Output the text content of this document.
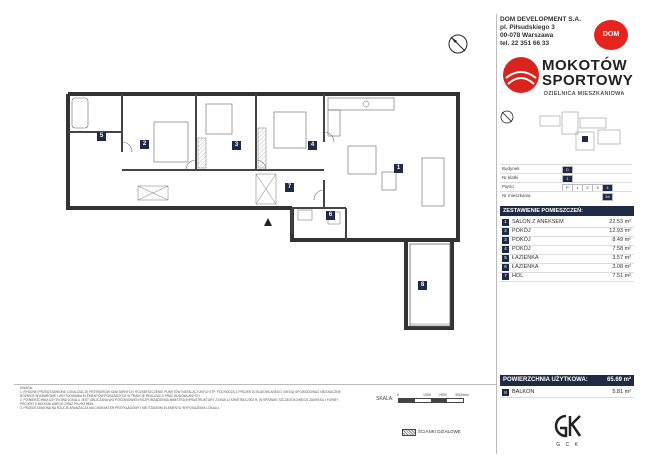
5
2	3	4
1
7
6
8
DOM DEVELOPMENT S.A.
pl. Piłsudskiego 3
00-078 Warszawa
tel. 22 351 66 33
DOM
MOKOTÓW
SPORTOWY
DZIELNICA MIESZKANIOWA
Budynek	D
Nr klatki	1
Piętro	P	1	2	3	4
Nr mieszkania	34
ZESTAWIENIE POMIESZCZEŃ:
1 SALON Z ANEKSEM	22.53 m²
2 POKÓJ	12.93 m²
3 POKÓJ	8.49 m²
4 POKÓJ	7.58 m²
5 ŁAZIENKA	3.57 m²
6 ŁAZIENKA	3.08 m²
7 HOL	7.51 m²
POWIERZCHNIA UŻYTKOWA:	65.69 m²
8 BALKON	5.81 m²
G C K

UWAGA:

1. RYSUNKI PRZEDSTAWIONE LOKALIZACJĘ PRZYBORÓW SANITARNYCH, ROZMIESZCZENIE PUNKTÓW INSTALACYJNYCH ITP. POCHODZĄ Z PROJEKTU BUDOWLANEGO I MOGĄ SPOWODOWAĆ NIEZNACZNE RÓŻNICE WYMIAROWE I USYTUOWANIA ELEMENTÓW POKAZANYCH W TRAKCIE REALIZACJI PRAC BUDOWLANYCH.

2. POWIERZCHNIA UŻYTKOWA LOKALU JEST OBLICZANA WG POSTANOWIEŃ ROZPORZĄDZENIA MINISTRA INFRASTRUKTURY Z DNIA 12 KWIETNIA 2002 R. W SPRAWIE SZCZEGÓŁOWEGO ZAKRESU I FORMY PROJEKTU BUDOWLANEGO ORAZ PN-ISO 9836.

3. PRZEDSTAWIONA NA RZUCIE ARANŻACJA MA CHARAKTER PRZYKŁADOWY I NIE STANOWI ELEMENTU WYPOSAŻENIA LOKALU.

SKALA:
0	1000 2000 3000mm
ŚCIANKI DZIAŁOWE
